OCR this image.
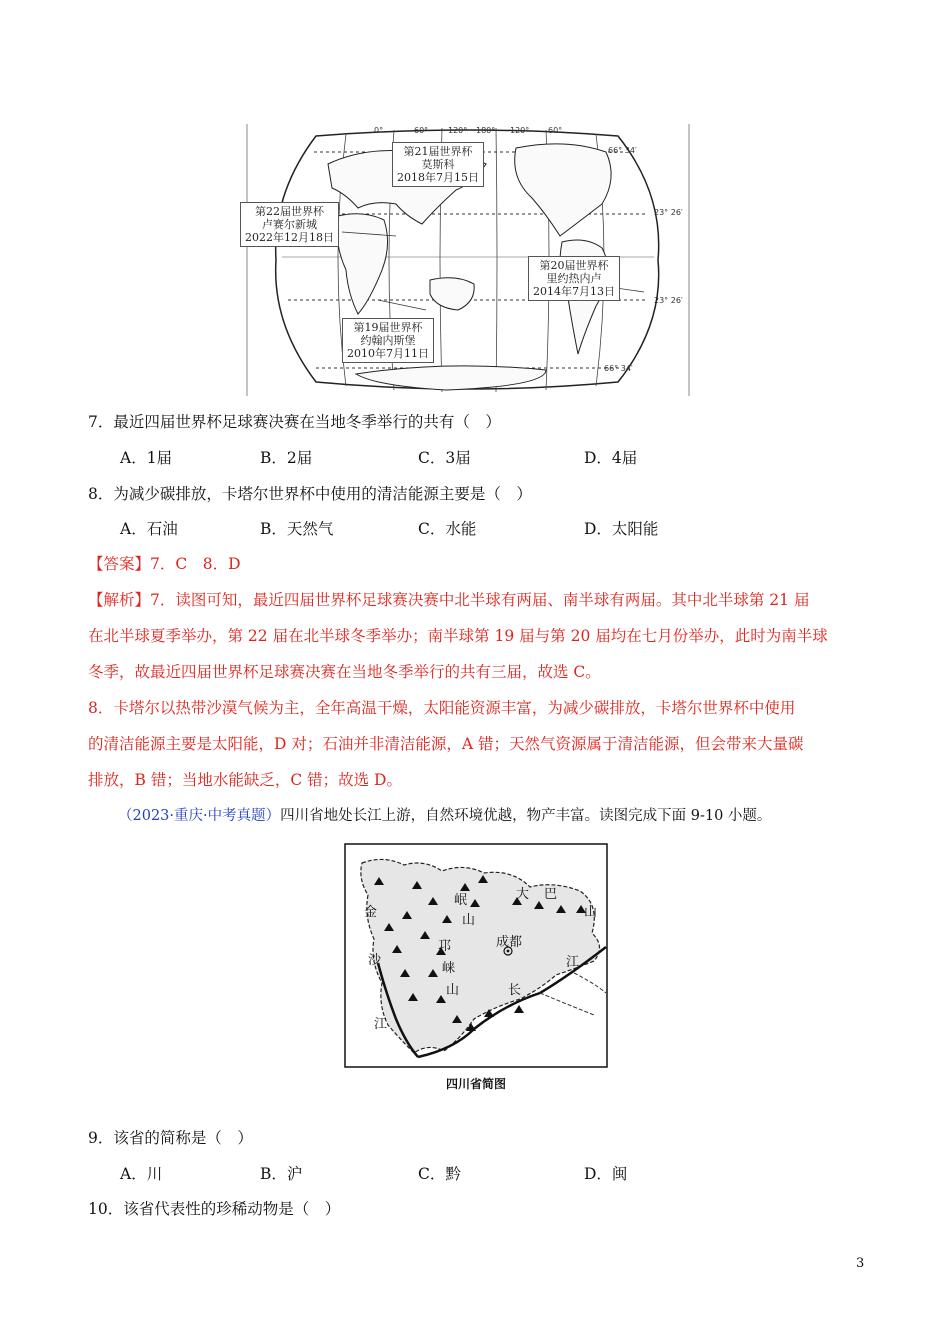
0°	60° 120° 180° 120° 60°
66° 34′
23° 26′
23° 26′
66° 34′
第21届世界杯
莫斯科
2018年7月15日
第22届世界杯
卢赛尔新城
2022年12月18日
第20届世界杯
里约热内卢
2014年7月13日
第19届世界杯
约翰内斯堡
2010年7月11日
7．最近四届世界杯足球赛决赛在当地冬季举行的共有（　）
A．1届	B．2届	C．3届	D．4届
8．为减少碳排放，卡塔尔世界杯中使用的清洁能源主要是（　）
A．石油	B．天然气	C．水能	D．太阳能
【答案】7．C　8．D
【解析】7．读图可知，最近四届世界杯足球赛决赛中北半球有两届、南半球有两届。其中北半球第 21 届
在北半球夏季举办，第 22 届在北半球冬季举办；南半球第 19 届与第 20 届均在七月份举办，此时为南半球
冬季，故最近四届世界杯足球赛决赛在当地冬季举行的共有三届，故选 C。
8．卡塔尔以热带沙漠气候为主，全年高温干燥，太阳能资源丰富，为减少碳排放，卡塔尔世界杯中使用
的清洁能源主要是太阳能，D 对；石油并非清洁能源，A 错；天然气资源属于清洁能源，但会带来大量碳
排放，B 错；当地水能缺乏，C 错；故选 D。
（2023·重庆·中考真题）四川省地处长江上游，自然环境优越，物产丰富。读图完成下面 9-10 小题。
金
沙
江
岷
山
邛
崃
山
成都
大 巴
山
江
长
四川省简图
9．该省的简称是（　）
A．川	B．沪	C．黔	D．闽
10．该省代表性的珍稀动物是（　）
3
